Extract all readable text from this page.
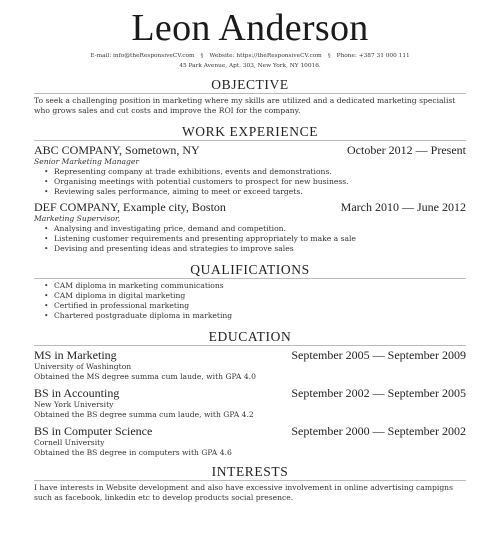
Leon Anderson
E-mail: info@theResponsiveCV.com § Website: https://theResponsiveCV.com § Phone: +387 31 000 111
45 Park Avenue, Apt. 303, New York, NY 10016.
OBJECTIVE
To seek a challenging position in marketing where my skills are utilized and a dedicated marketing specialist who grows sales and cut costs and improve the ROI for the company.
WORK EXPERIENCE
ABC COMPANY, Sometown, NY	October 2012 — Present
Senior Marketing Manager
• Representing company at trade exhibitions, events and demonstrations.
• Organising meetings with potential customers to prospect for new business.
• Reviewing sales performance, aiming to meet or exceed targets.
DEF COMPANY, Example city, Boston	March 2010 — June 2012
Marketing Supervisor,
• Analysing and investigating price, demand and competition.
• Listening customer requirements and presenting appropriately to make a sale
• Devising and presenting ideas and strategies to improve sales
QUALIFICATIONS
• CAM diploma in marketing communications
• CAM diploma in digital marketing
• Certified in professional marketing
• Chartered postgraduate diploma in marketing
EDUCATION
MS in Marketing	September 2005 — September 2009
University of Washington
Obtained the MS degree summa cum laude, with GPA 4.0
BS in Accounting	September 2002 — September 2005
New York University
Obtained the BS degree summa cum laude, with GPA 4.2
BS in Computer Science	September 2000 — September 2002
Cornell University
Obtained the BS degree in computers with GPA 4.6
INTERESTS
I have interests in Website development and also have excessive involvement in online advertising campigns such as facebook, linkedin etc to develop products social presence.
